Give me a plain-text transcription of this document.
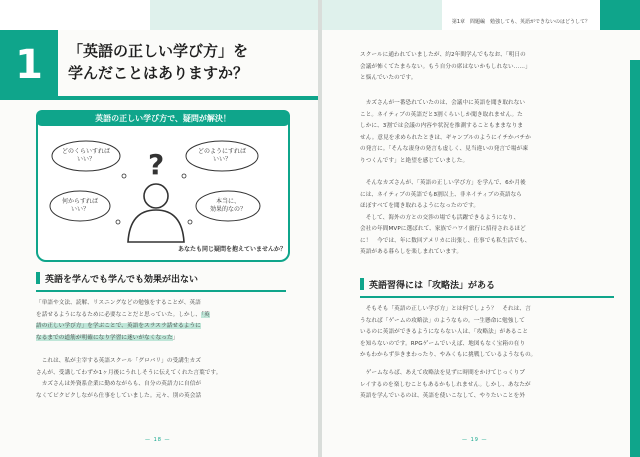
1	「英語の正しい学び方」を
学んだことはありますか？
?
どのくらいすれば
いい？
どのようにすれば
いい？
何からすれば
いい？
本当に、
効果的なの？
英語の正しい学び方で、疑問が解決！
あなたも同じ疑問を抱えていませんか？
英語を学んでも学んでも効果が出ない
「単語や文法、読解、リスニングなどの勉強をすることが、英語
を話せるようになるために必要なことだと思っていた。しかし、「英
語の正しい学び方」を学ぶことで、英語をスラスラ話せるように
なるまでの道筋が明確になり学習に迷いがなくなった」
　これは、私が主宰する英語スクール「グロバリ」の受講生カズ
さんが、受講してわずか1ヶ月後にうれしそうに伝えてくれた言葉です。
　カズさんは外資系企業に勤めながらも、自分の英語力に自信が
なくてビクビクしながら仕事をしていました。元々、別の英会話
— 18 —
第1章　問題編　勉強しても、英語ができないのはどうして？
スクールに通われていましたが、約2年間学んでもなお、「明日の
会議が怖くてたまらない。もう自分の席はないかもしれない……」
と悩んでいたのです。
　カズさんが一番恐れていたのは、会議中に英語を聞き取れない
こと。ネイティブの英語だと3割くらいしか聞き取れません。た
しかに、3割では会議の内容や状況を推測することもままなりま
せん。意見を求められたときは、ギャンブルのようにイチかバチか
の発言に。「そんな凄身の発言も虚しく、見当違いの発言で場が凍
りつくんです」と絶望を感じていました。
　そんなカズさんが、「英語の正しい学び方」を学んで、6か月後
には、ネイティブの英語でも8割以上、非ネイティブの英語なら
ほぼすべてを聞き取れるようになったのです。
　そして、海外の方との交渉の場でも活躍できるようになり、
会社の年間MVPに選ばれて、家族でハワイ旅行に招待されるほど
に！　今では、年に数回アメリカに出張し、仕事でも私生活でも、
英語がある暮らしを楽しまれています。
英語習得には「攻略法」がある
　そもそも「英語の正しい学び方」とは何でしょう？　それは、言
うなれば「ゲームの攻略法」のようなもの。一生懸命に勉強して
いるのに英語ができるようにならない人は、「攻略法」があること
を知らないのです。RPGゲームでいえば、地図もなく宝箱の在り
かもわからず歩きまわったり、やみくもに挑戦しているようなもの。
　ゲームならば、あえて攻略法を見ずに時間をかけてじっくりプ
レイするのを楽しむこともあるかもしれません。しかし、あなたが
英語を学んでいるのは、英語を使いこなして、やりたいことを外
— 19 —
